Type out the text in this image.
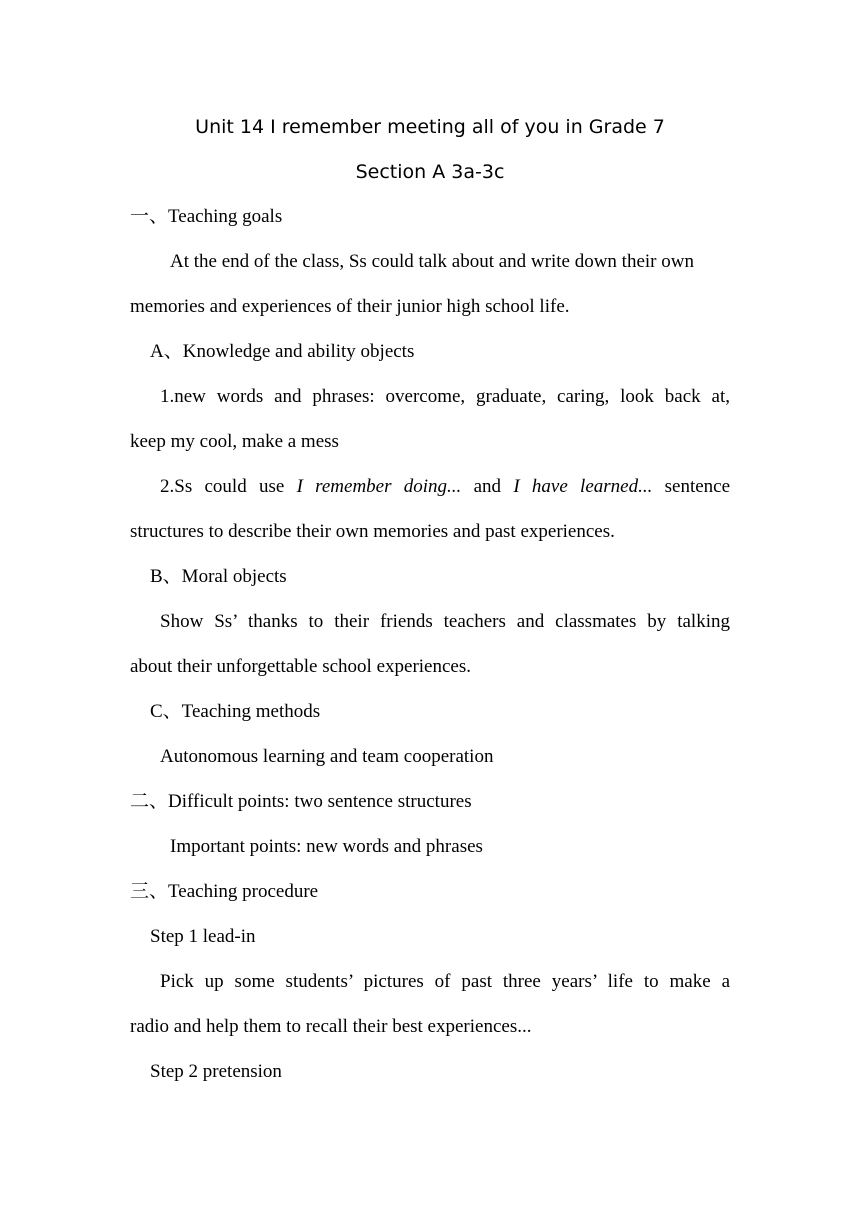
Unit 14 I remember meeting all of you in Grade 7
Section A 3a-3c
一、Teaching goals
At the end of the class, Ss could talk about and write down their own
memories and experiences of their junior high school life.
A、Knowledge and ability objects
1.new words and phrases: overcome, graduate, caring, look back at,
keep my cool, make a mess
2.Ss could use I remember doing... and I have learned... sentence
structures to describe their own memories and past experiences.
B、Moral objects
Show Ss’ thanks to their friends teachers and classmates by talking
about their unforgettable school experiences.
C、Teaching methods
Autonomous learning and team cooperation
二、Difficult points: two sentence structures
Important points: new words and phrases
三、Teaching procedure
Step 1 lead-in
Pick up some students’ pictures of past three years’ life to make a
radio and help them to recall their best experiences...
Step 2 pretension
